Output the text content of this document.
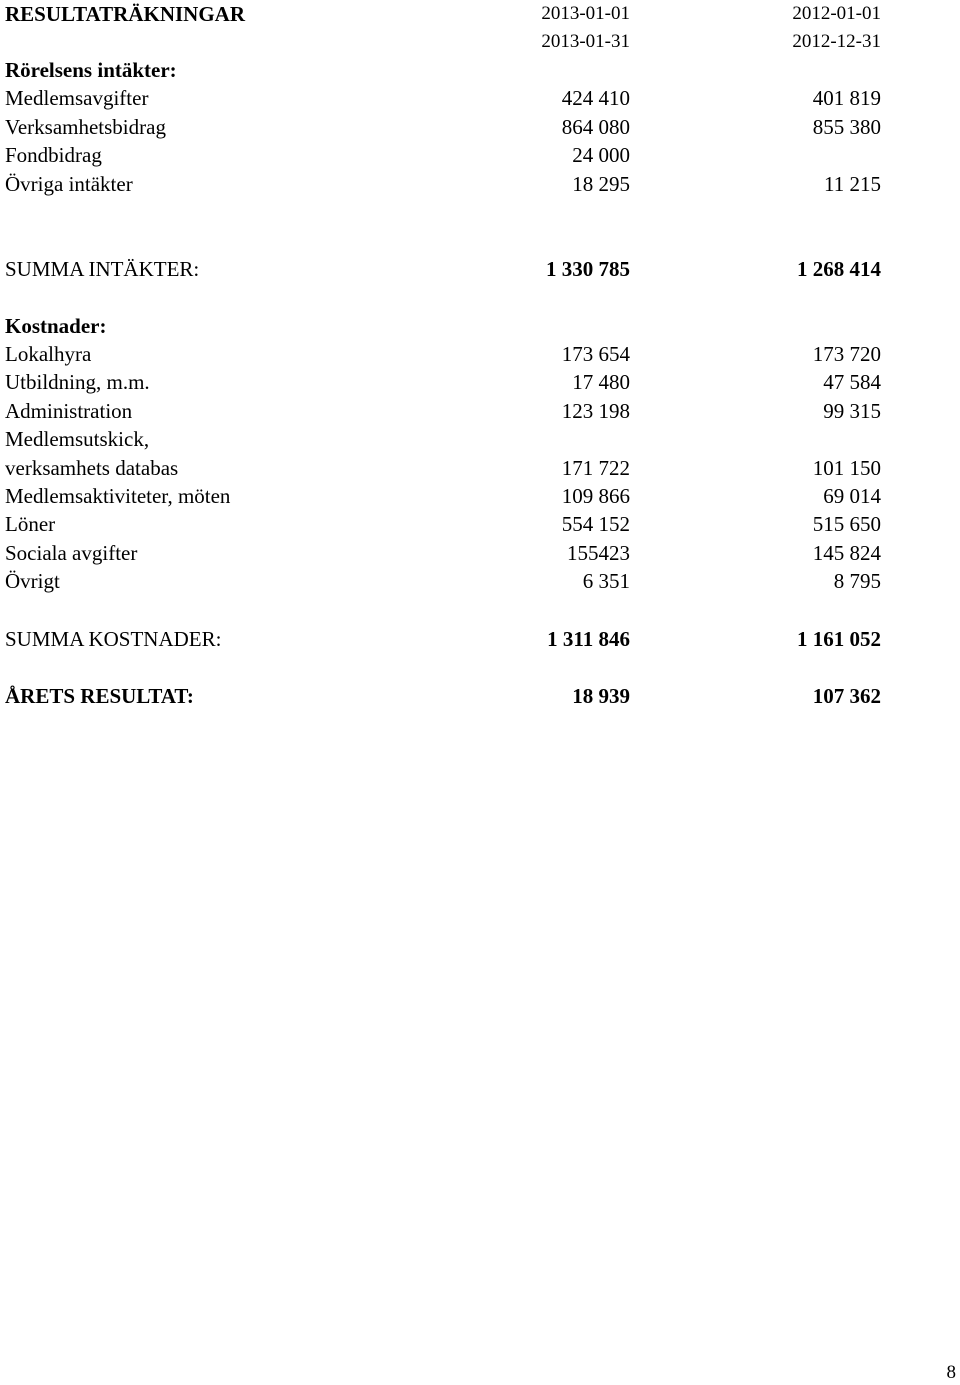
RESULTATRÄKNINGAR	2013-01-01	2012-01-01
2013-01-31	2012-12-31
Rörelsens intäkter:
Medlemsavgifter	424 410	401 819
Verksamhetsbidrag	864 080	855 380
Fondbidrag	24 000
Övriga intäkter	18 295	11 215
SUMMA INTÄKTER:	1 330 785	1 268 414
Kostnader:
Lokalhyra	173 654	173 720
Utbildning, m.m.	17 480	47 584
Administration	123 198	99 315
Medlemsutskick,
verksamhets databas	171 722	101 150
Medlemsaktiviteter, möten	109 866	69 014
Löner	554 152	515 650
Sociala avgifter	155423	145 824
Övrigt	6 351	8 795
SUMMA KOSTNADER:	1 311 846	1 161 052
ÅRETS RESULTAT:	18 939	107 362
8
